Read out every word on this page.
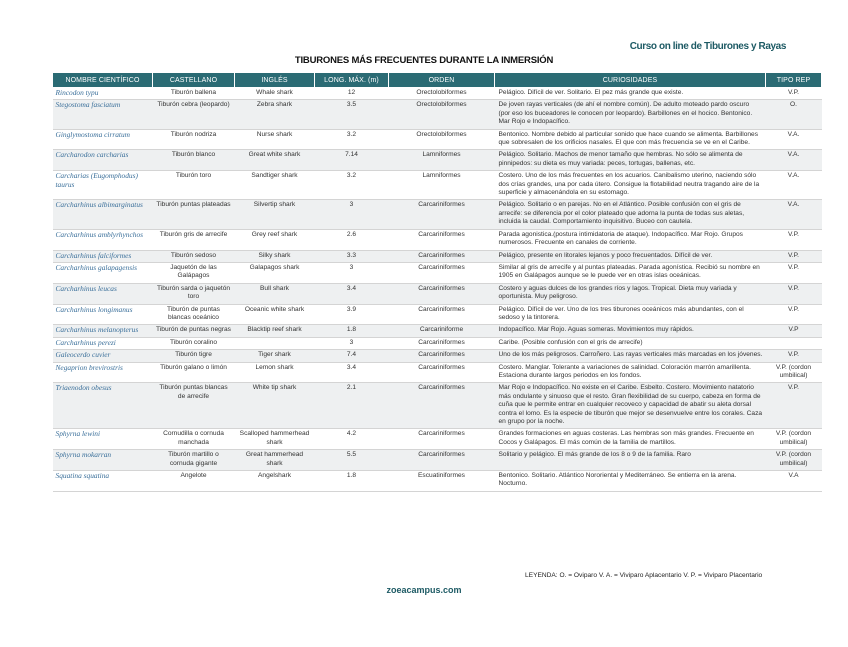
Curso on line de Tiburones y Rayas
TIBURONES MÁS FRECUENTES DURANTE LA INMERSIÓN
NOMBRE CIENTÍFICO	CASTELLANO	INGLÉS	LONG. MÁX. (m)	ORDEN	CURIOSIDADES	TIPO REP
Rincodon typu	Tiburón ballena	Whale shark	12	Orectolobiformes	Pelágico. Difícil de ver. Solitario. El pez más grande que existe.	V.P.
Stegostoma fasciatum	Tiburón cebra (leopardo)	Zebra shark	3.5	Orectolobiformes	De joven rayas verticales (de ahí el nombre común). De adulto moteado pardo oscuro (por eso los buceadores le conocen por leopardo). Barbillones en el hocico. Bentonico. Mar Rojo e Indopacífico.	O.
Ginglymostoma cirratum	Tiburón nodriza	Nurse shark	3.2	Orectolobiformes	Bentonico. Nombre debido al particular sonido que hace cuando se alimenta. Barbillones que sobresalen de los orificios nasales. El que con más frecuencia se ve en el Caribe.	V.A.
Carcharodon carcharias	Tiburón blanco	Great white shark	7.14	Lamniformes	Pelágico. Solitario. Machos de menor tamaño que hembras. No sólo se alimenta de pinnipedos: su dieta es muy variada: peces, tortugas, ballenas, etc.	V.A.
Carcharias (Eugomphodus) taurus	Tiburón toro	Sandtiger shark	3.2	Lamniformes	Costero. Uno de los más frecuentes en los acuarios. Canibalismo uterino, naciendo sólo dos crías grandes, una por cada útero. Consigue la flotabilidad neutra tragando aire de la superficie y almacenándola en su estomago.	V.A.
Carcharhinus albimarginatus	Tiburón puntas plateadas	Silvertip shark	3	Carcariniformes	Pelágico. Solitario o en parejas. No en el Atlántico. Posible confusión con el gris de arrecife: se diferencia por el color plateado que adorna la punta de todas sus aletas, incluida la caudal. Comportamiento inquisitivo. Buceo con cautela.	V.A.
Carcharhinus amblyrhynchos	Tiburón gris de arrecife	Grey reef shark	2.6	Carcariniformes	Parada agonistica.(postura intimidatoria de ataque). Indopacífico. Mar Rojo. Grupos numerosos. Frecuente en canales de corriente.	V.P.
Carcharhinus falciformes	Tiburón sedoso	Silky shark	3.3	Carcariniformes	Pelágico, presente en litorales lejanos y poco frecuentados. Difícil de ver.	V.P.
Carcharhinus galapagensis	Jaquetón de las Galápagos	Galapagos shark	3	Carcariniformes	Similar al gris de arrecife y al puntas plateadas. Parada agonística. Recibió su nombre en 1905 en Galápagos aunque se le puede ver en otras islas oceánicas.	V.P.
Carcharhinus leucas	Tiburón sarda o jaquetón toro	Bull shark	3.4	Carcariniformes	Costero y aguas dulces de los grandes ríos y lagos. Tropical. Dieta muy variada y oportunista. Muy peligroso.	V.P.
Carcharhinus longimanus	Tiburón de puntas blancas oceánico	Oceanic white shark	3.9	Carcariniformes	Pelágico. Difícil de ver. Uno de los tres tiburones oceánicos más abundantes, con el sedoso y la tintorera.	V.P.
Carcharhinus melanopterus	Tiburón de puntas negras	Blacktip reef shark	1.8	Carcariniforme	Indopacífico. Mar Rojo. Aguas someras. Movimientos muy rápidos.	V.P
Carcharhinus perezi	Tiburón coralino		3	Carcariniformes	Caribe. (Posible confusión con el gris de arrecife)	
Galeocerdo cuvier	Tiburón tigre	Tiger shark	7.4	Carcariniformes	Uno de los más peligrosos. Carroñero. Las rayas verticales más marcadas en los jóvenes.	V.P.
Negaprion brevirostris	Tiburón galano o limón	Lemon shark	3.4	Carcariniformes	Costero. Manglar. Tolerante a variaciones de salinidad. Coloración marrón amarillenta. Estaciona durante largos periodos en los fondos.	V.P. (cordon umbilical)
Triaenodon obesus	Tiburón puntas blancas de arrecife	White tip shark	2.1	Carcariniformes	Mar Rojo e Indopacífico. No existe en el Caribe. Esbelto. Costero. Movimiento natatorio más ondulante y sinuoso que el resto. Gran flexibilidad de su cuerpo, cabeza en forma de cuña que le permite entrar en cualquier recoveco y capacidad de abatir su aleta dorsal contra el lomo. Es la especie de tiburón que mejor se desenvuelve entre los corales. Caza en grupo por la noche.	V.P.
Sphyrna lewini	Cornudilla o cornuda manchada	Scalloped hammerhead shark	4.2	Carcariniformes	Grandes formaciones en aguas costeras. Las hembras son más grandes. Frecuente en Cocos y Galápagos. El más común de la familia de martillos.	V.P. (cordon umbilical)
Sphyrna mokarran	Tiburón martillo o cornuda gigante	Great hammerhead shark	5.5	Carcariniformes	Solitario y pelágico. El más grande de los 8 o 9 de la familia. Raro	V.P. (cordon umbilical)
Squatina squatina	Angelote	Angelshark	1.8	Escuatiniformes	Bentonico. Solitario. Atlántico Nororiental y Mediterráneo. Se entierra en la arena. Nocturno.	V.A
LEYENDA: O. = Oviparo V. A. = Viviparo Aplacentario V. P. = Viviparo Placentario
zoeacampus.com
